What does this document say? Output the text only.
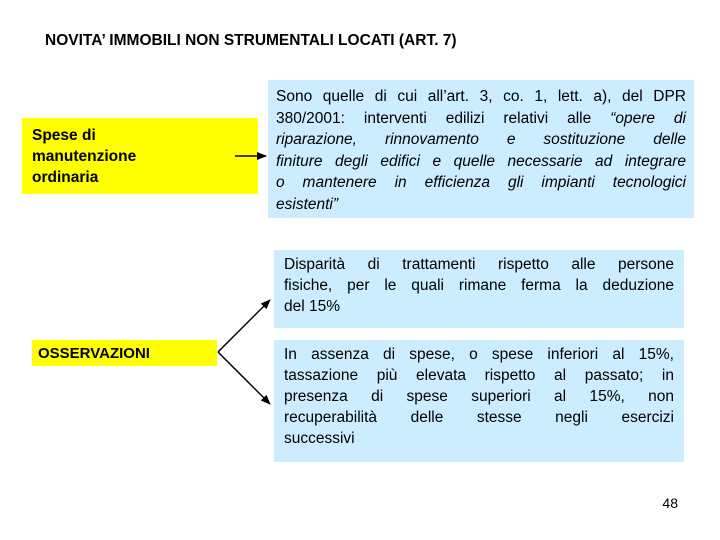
NOVITA’ IMMOBILI NON STRUMENTALI LOCATI (ART. 7)
Spese di
manutenzione
ordinaria
Sono quelle di cui all’art. 3, co. 1, lett. a), del DPR
380/2001: interventi edilizi relativi alle “opere di
riparazione, rinnovamento e sostituzione delle
finiture degli edifici e quelle necessarie ad integrare
o mantenere in efficienza gli impianti tecnologici
esistenti”
OSSERVAZIONI
Disparità di trattamenti rispetto alle persone
fisiche, per le quali rimane ferma la deduzione
del 15%
In assenza di spese, o spese inferiori al 15%,
tassazione più elevata rispetto al passato; in
presenza di spese superiori al 15%, non
recuperabilità delle stesse negli esercizi
successivi
48
